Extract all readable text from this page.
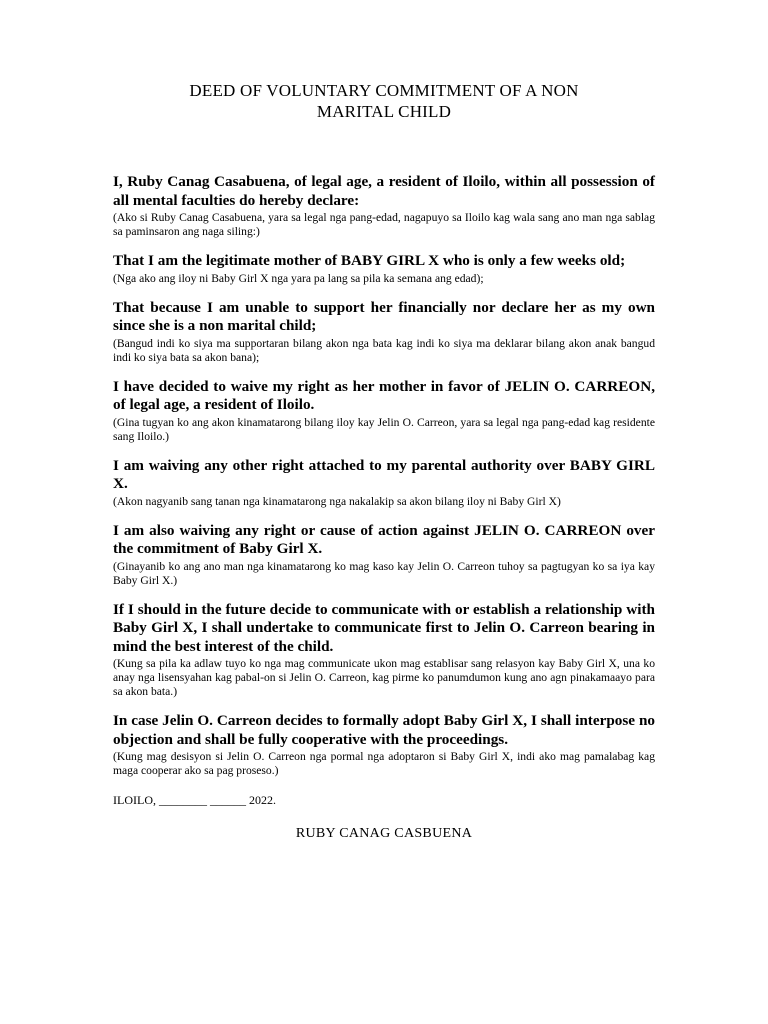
DEED OF VOLUNTARY COMMITMENT OF A NON
MARITAL CHILD

I, Ruby Canag Casabuena, of legal age, a resident of Iloilo, within all possession of all mental faculties do hereby declare:

(Ako si Ruby Canag Casabuena, yara sa legal nga pang-edad, nagapuyo sa Iloilo kag wala sang ano man nga sablag sa paminsaron ang naga siling:)

That I am the legitimate mother of BABY GIRL X who is only a few weeks old;

(Nga ako ang iloy ni Baby Girl X nga yara pa lang sa pila ka semana ang edad);

That because I am unable to support her financially nor declare her as my own since she is a non marital child;

(Bangud indi ko siya ma supportaran bilang akon nga bata kag indi ko siya ma deklarar bilang akon anak bangud indi ko siya bata sa akon bana);

I have decided to waive my right as her mother in favor of JELIN O. CARREON, of legal age, a resident of Iloilo.

(Gina tugyan ko ang akon kinamatarong bilang iloy kay Jelin O. Carreon, yara sa legal nga pang-edad kag residente sang Iloilo.)

I am waiving any other right attached to my parental authority over BABY GIRL X.

(Akon nagyanib sang tanan nga kinamatarong nga nakalakip sa akon bilang iloy ni Baby Girl X)

I am also waiving any right or cause of action against JELIN O. CARREON over the commitment of Baby Girl X.

(Ginayanib ko ang ano man nga kinamatarong ko mag kaso kay Jelin O. Carreon tuhoy sa pagtugyan ko sa iya kay Baby Girl X.)

If I should in the future decide to communicate with or establish a relationship with Baby Girl X, I shall undertake to communicate first to Jelin O. Carreon bearing in mind the best interest of the child.

(Kung sa pila ka adlaw tuyo ko nga mag communicate ukon mag establisar sang relasyon kay Baby Girl X, una ko anay nga lisensyahan kag pabal-on si Jelin O. Carreon, kag pirme ko panumdumon kung ano agn pinakamaayo para sa akon bata.)

In case Jelin O. Carreon decides to formally adopt Baby Girl X, I shall interpose no objection and shall be fully cooperative with the proceedings.

(Kung mag desisyon si Jelin O. Carreon nga pormal nga adoptaron si Baby Girl X, indi ako mag pamalabag kag maga cooperar ako sa pag proseso.)

ILOILO, ________ ______ 2022.

RUBY CANAG CASBUENA
